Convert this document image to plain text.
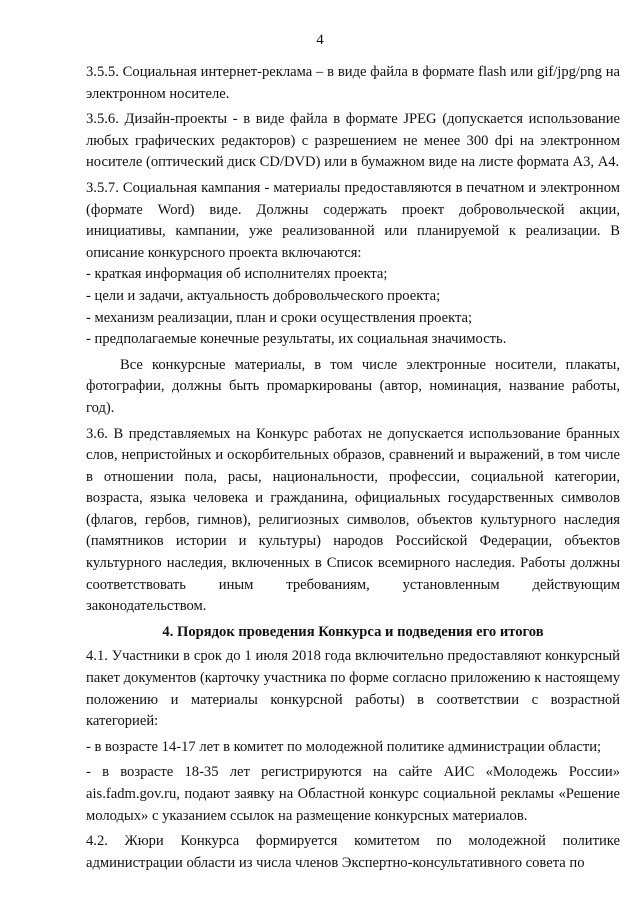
4

3.5.5. Социальная интернет-реклама – в виде файла в формате flash или gif/jpg/png на электронном носителе.

3.5.6. Дизайн-проекты - в виде файла в формате JPEG (допускается использование любых графических редакторов) с разрешением не менее 300 dpi на электронном носителе (оптический диск CD/DVD) или в бумажном виде на листе формата А3, А4.

3.5.7. Социальная кампания - материалы предоставляются в печатном и электронном (формате Word) виде. Должны содержать проект добровольческой акции, инициативы, кампании, уже реализованной или планируемой к реализации. В описание конкурсного проекта включаются:

- краткая информация об исполнителях проекта;

- цели и задачи, актуальность добровольческого проекта;

- механизм реализации, план и сроки осуществления проекта;

- предполагаемые конечные результаты, их социальная значимость.

Все конкурсные материалы, в том числе электронные носители, плакаты, фотографии, должны быть промаркированы (автор, номинация, название работы, год).

3.6. В представляемых на Конкурс работах не допускается использование бранных слов, непристойных и оскорбительных образов, сравнений и выражений, в том числе в отношении пола, расы, национальности, профессии, социальной категории, возраста, языка человека и гражданина, официальных государственных символов (флагов, гербов, гимнов), религиозных символов, объектов культурного наследия (памятников истории и культуры) народов Российской Федерации, объектов культурного наследия, включенных в Список всемирного наследия. Работы должны соответствовать иным требованиям, установленным действующим законодательством.

4. Порядок проведения Конкурса и подведения его итогов

4.1. Участники в срок до 1 июля 2018 года включительно предоставляют конкурсный пакет документов (карточку участника по форме согласно приложению к настоящему положению и материалы конкурсной работы) в соответствии с возрастной категорией:

- в возрасте 14-17 лет в комитет по молодежной политике администрации области;

- в возрасте 18-35 лет регистрируются на сайте АИС «Молодежь России» ais.fadm.gov.ru, подают заявку на Областной конкурс социальной рекламы «Решение молодых» с указанием ссылок на размещение конкурсных материалов.

4.2. Жюри Конкурса формируется комитетом по молодежной политике администрации области из числа членов Экспертно-консультативного совета по
